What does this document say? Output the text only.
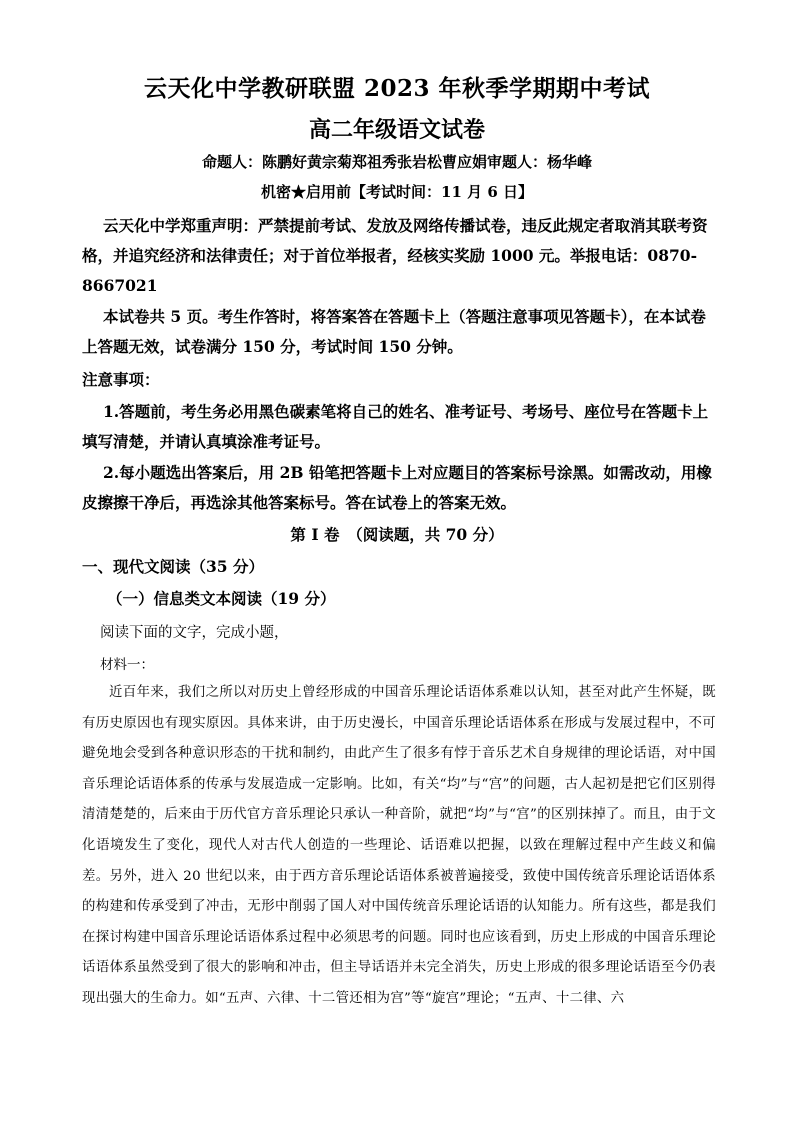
云天化中学教研联盟 2023 年秋季学期期中考试
高二年级语文试卷
命题人：陈鹏好黄宗菊郑祖秀张岩松曹应娟审题人：杨华峰
机密★启用前【考试时间：11 月 6 日】
云天化中学郑重声明：严禁提前考试、发放及网络传播试卷，违反此规定者取消其联考资格，并追究经济和法律责任；对于首位举报者，经核实奖励 1000 元。举报电话：0870-8667021
本试卷共 5 页。考生作答时，将答案答在答题卡上（答题注意事项见答题卡），在本试卷上答题无效，试卷满分 150 分，考试时间 150 分钟。
注意事项：
1.答题前，考生务必用黑色碳素笔将自己的姓名、准考证号、考场号、座位号在答题卡上填写清楚，并请认真填涂准考证号。
2.每小题选出答案后，用 2B 铅笔把答题卡上对应题目的答案标号涂黑。如需改动，用橡皮擦擦干净后，再选涂其他答案标号。答在试卷上的答案无效。
第 I 卷　（阅读题，共 70 分）
一、现代文阅读（35 分）
（一）信息类文本阅读（19 分）
阅读下面的文字，完成小题，
材料一：
近百年来，我们之所以对历史上曾经形成的中国音乐理论话语体系难以认知，甚至对此产生怀疑，既有历史原因也有现实原因。具体来讲，由于历史漫长，中国音乐理论话语体系在形成与发展过程中，不可避免地会受到各种意识形态的干扰和制约，由此产生了很多有悖于音乐艺术自身规律的理论话语，对中国音乐理论话语体系的传承与发展造成一定影响。比如，有关“均”与“宫”的问题，古人起初是把它们区别得清清楚楚的，后来由于历代官方音乐理论只承认一种音阶，就把“均”与“宫”的区别抹掉了。而且，由于文化语境发生了变化，现代人对古代人创造的一些理论、话语难以把握，以致在理解过程中产生歧义和偏差。另外，进入 20 世纪以来，由于西方音乐理论话语体系被普遍接受，致使中国传统音乐理论话语体系的构建和传承受到了冲击，无形中削弱了国人对中国传统音乐理论话语的认知能力。所有这些，都是我们在探讨构建中国音乐理论话语体系过程中必须思考的问题。同时也应该看到，历史上形成的中国音乐理论话语体系虽然受到了很大的影响和冲击，但主导话语并未完全消失，历史上形成的很多理论话语至今仍表现出强大的生命力。如“五声、六律、十二管还相为宫”等“旋宫”理论；“五声、十二律、六
